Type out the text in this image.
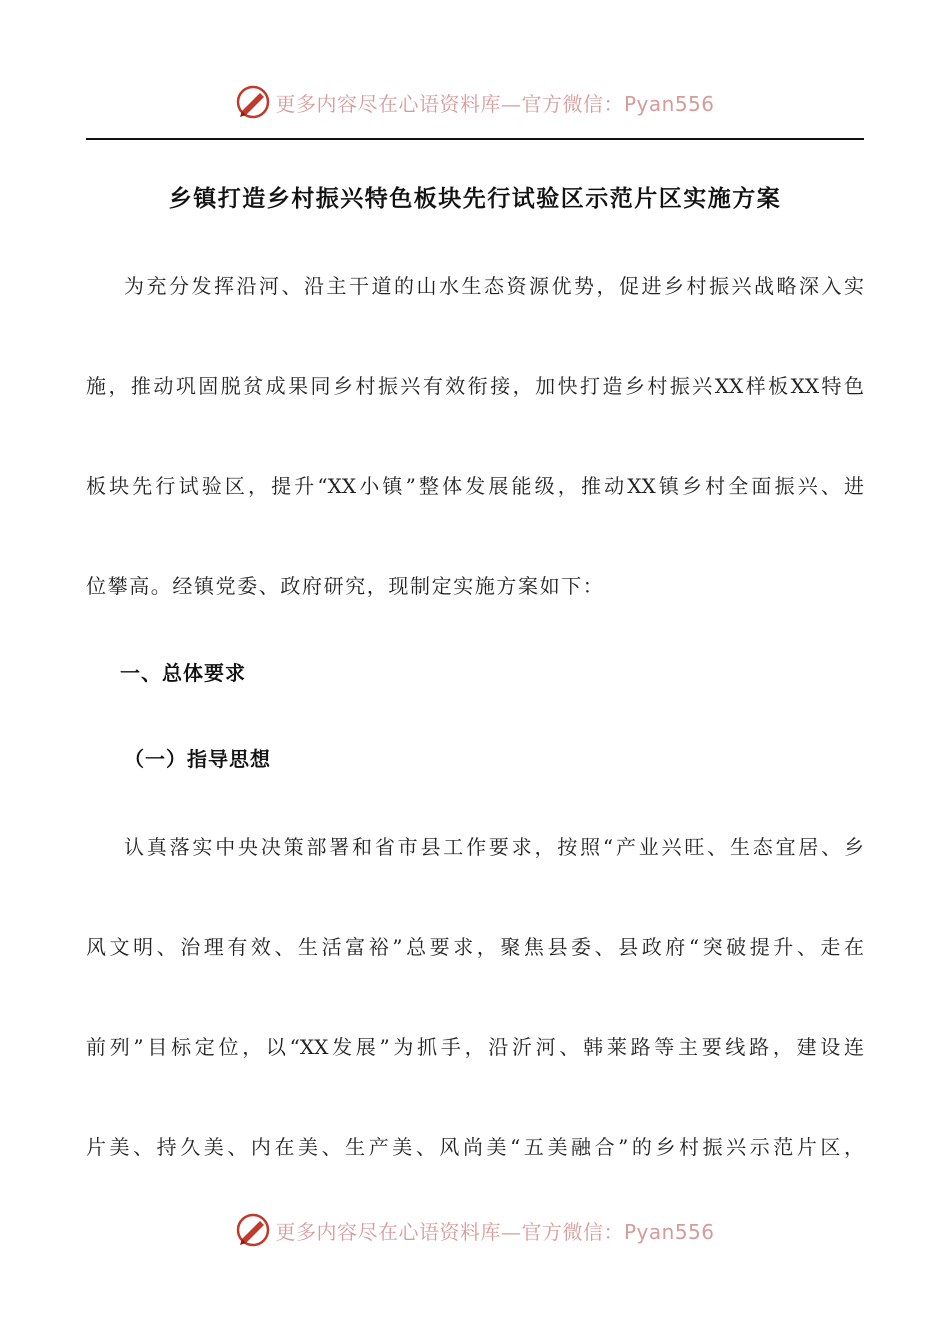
更多内容尽在心语资料库—官方微信：Pyan556
乡镇打造乡村振兴特色板块先行试验区示范片区实施方案
为充分发挥沿河、沿主干道的山水生态资源优势，促进乡村振兴战略深入实
施，推动巩固脱贫成果同乡村振兴有效衔接，加快打造乡村振兴XX样板XX特色
板块先行试验区，提升“XX小镇”整体发展能级，推动XX镇乡村全面振兴、进
位攀高。经镇党委、政府研究，现制定实施方案如下：
一、总体要求
（一）指导思想
认真落实中央决策部署和省市县工作要求，按照“产业兴旺、生态宜居、乡
风文明、治理有效、生活富裕”总要求，聚焦县委、县政府“突破提升、走在
前列”目标定位，以“XX发展”为抓手，沿沂河、韩莱路等主要线路，建设连
片美、持久美、内在美、生产美、风尚美“五美融合”的乡村振兴示范片区，
更多内容尽在心语资料库—官方微信：Pyan556
